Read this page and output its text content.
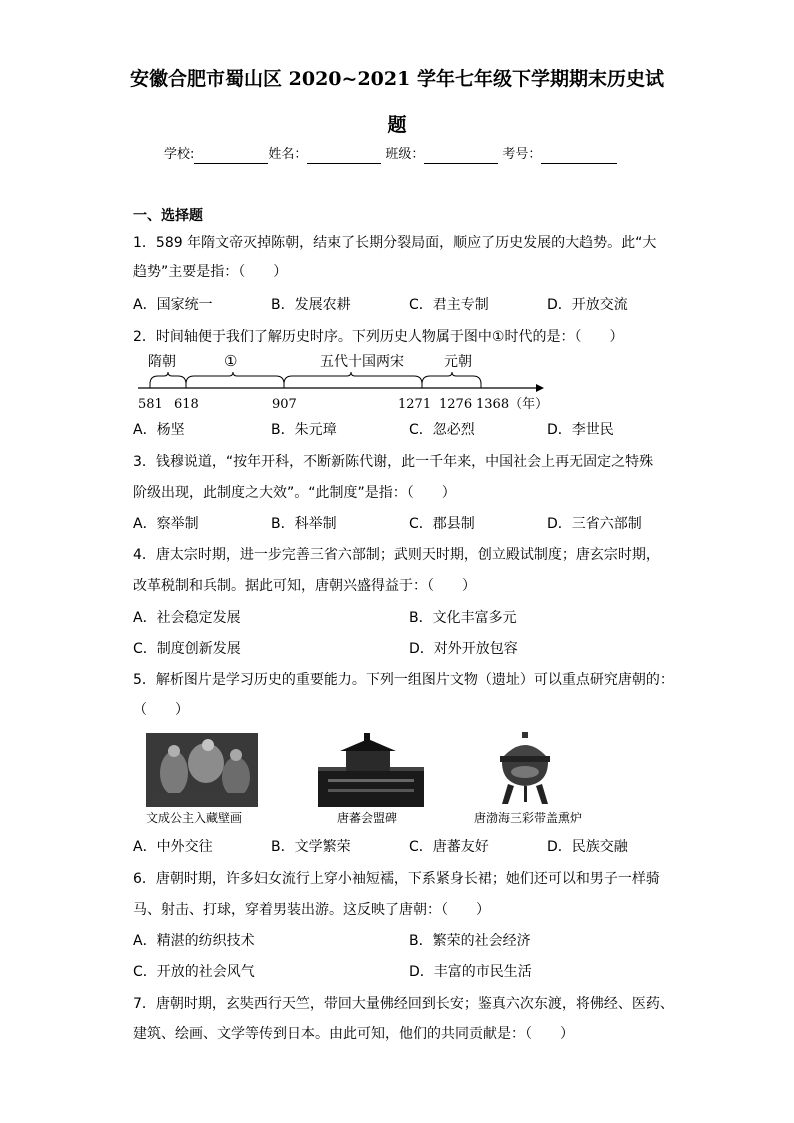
安徽合肥市蜀山区 2020~2021 学年七年级下学期期末历史试
题
学校:	姓名：	班级：	考号：
一、选择题
1．589 年隋文帝灭掉陈朝，结束了长期分裂局面，顺应了历史发展的大趋势。此“大
趋势”主要是指：（　　）
A．国家统一	B．发展农耕	C．君主专制	D．开放交流
2．时间轴便于我们了解历史时序。下列历史人物属于图中①时代的是：（　　）
隋朝	①	五代十国两宋	元朝
581 618	907	1271 1276 1368（年）
A．杨坚	B．朱元璋	C．忽必烈	D．李世民
3．钱穆说道，“按年开科，不断新陈代谢，此一千年来，中国社会上再无固定之特殊
阶级出现，此制度之大效”。“此制度”是指：（　　）
A．察举制	B．科举制	C．郡县制	D．三省六部制
4．唐太宗时期，进一步完善三省六部制；武则天时期，创立殿试制度；唐玄宗时期，
改革税制和兵制。据此可知，唐朝兴盛得益于：（　　）
A．社会稳定发展	B．文化丰富多元
C．制度创新发展	D．对外开放包容
5．解析图片是学习历史的重要能力。下列一组图片文物（遗址）可以重点研究唐朝的：
（　　）
文成公主入藏壁画	唐蕃会盟碑	唐渤海三彩带盖熏炉
A．中外交往	B．文学繁荣	C．唐蕃友好	D．民族交融
6．唐朝时期，许多妇女流行上穿小袖短襦，下系紧身长裙；她们还可以和男子一样骑
马、射击、打球，穿着男装出游。这反映了唐朝：（　　）
A．精湛的纺织技术	B．繁荣的社会经济
C．开放的社会风气	D．丰富的市民生活
7．唐朝时期，玄奘西行天竺，带回大量佛经回到长安；鉴真六次东渡，将佛经、医药、
建筑、绘画、文学等传到日本。由此可知，他们的共同贡献是：（　　）
